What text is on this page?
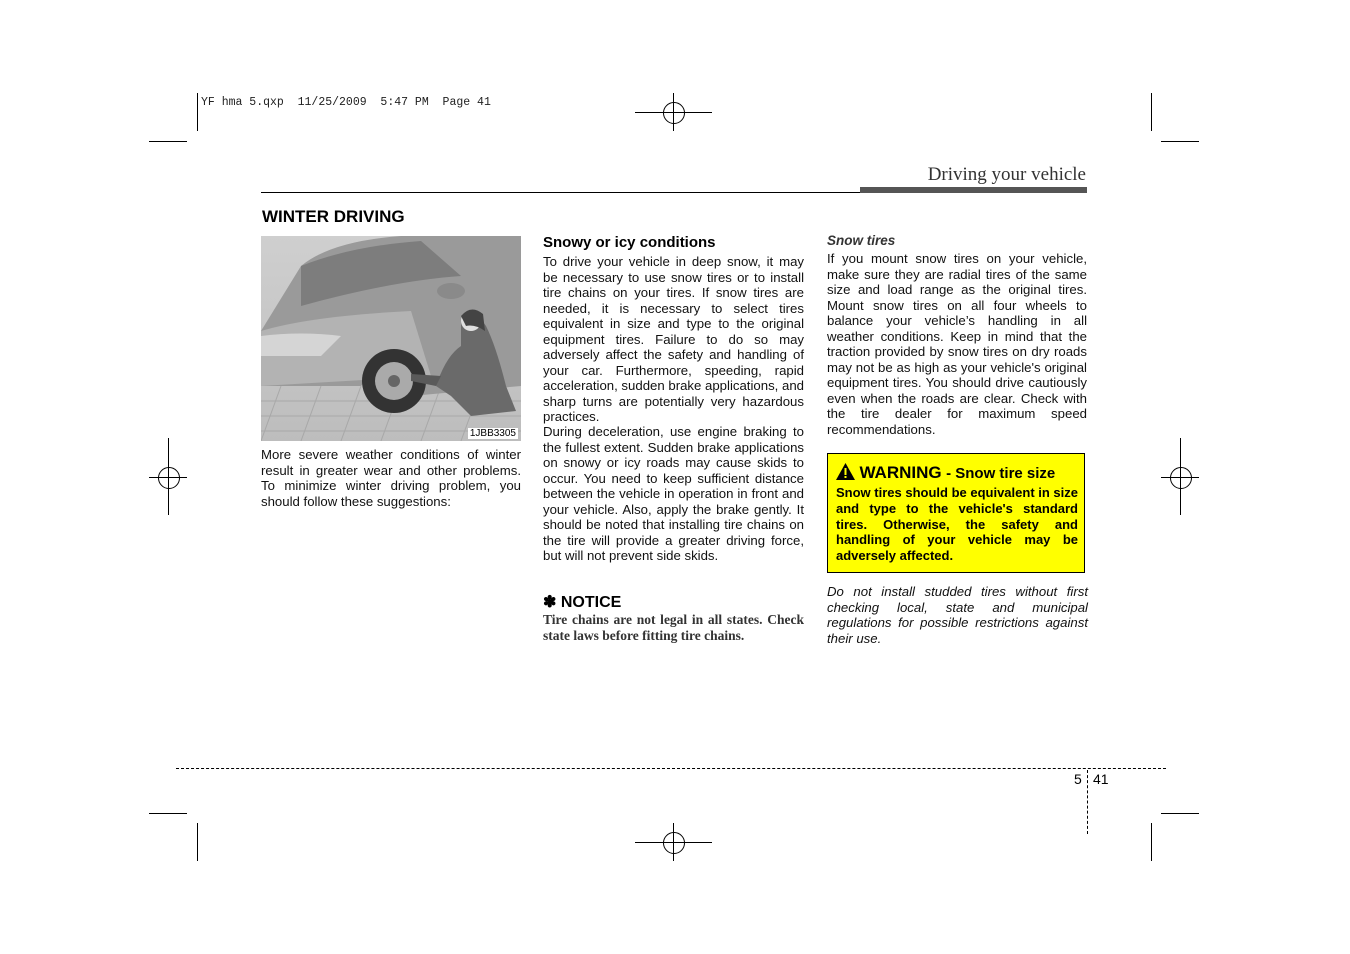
YF hma 5.qxp  11/25/2009  5:47 PM  Page 41
Driving your vehicle
WINTER DRIVING
1JBB3305
More severe weather conditions of winter result in greater wear and other problems. To minimize winter driving problem, you should follow these suggestions:
Snowy or icy conditions
To drive your vehicle in deep snow, it may be necessary to use snow tires or to install tire chains on your tires. If snow tires are needed, it is necessary to select tires equivalent in size and type to the original equipment tires. Failure to do so may adversely affect the safety and handling of your car. Furthermore, speeding, rapid acceleration, sudden brake applications, and sharp turns are potentially very hazardous practices.
During deceleration, use engine braking to the fullest extent. Sudden brake applications on snowy or icy roads may cause skids to occur. You need to keep sufficient distance between the vehicle in operation in front and your vehicle. Also, apply the brake gently. It should be noted that installing tire chains on the tire will provide a greater driving force, but will not prevent side skids.
✽ NOTICE
Tire chains are not legal in all states. Check state laws before fitting tire chains.
Snow tires
If you mount snow tires on your vehicle, make sure they are radial tires of the same size and load range as the original tires. Mount snow tires on all four wheels to balance your vehicle’s handling in all weather conditions. Keep in mind that the traction provided by snow tires on dry roads may not be as high as your vehicle's original equipment tires. You should drive cautiously even when the roads are clear. Check with the tire dealer for maximum speed recommendations.
WARNING - Snow tire size
Snow tires should be equivalent in size and type to the vehicle's standard tires. Otherwise, the safety and handling of your vehicle may be adversely affected.
Do not install studded tires without first checking local, state and municipal regulations for possible restrictions against their use.
5 41
